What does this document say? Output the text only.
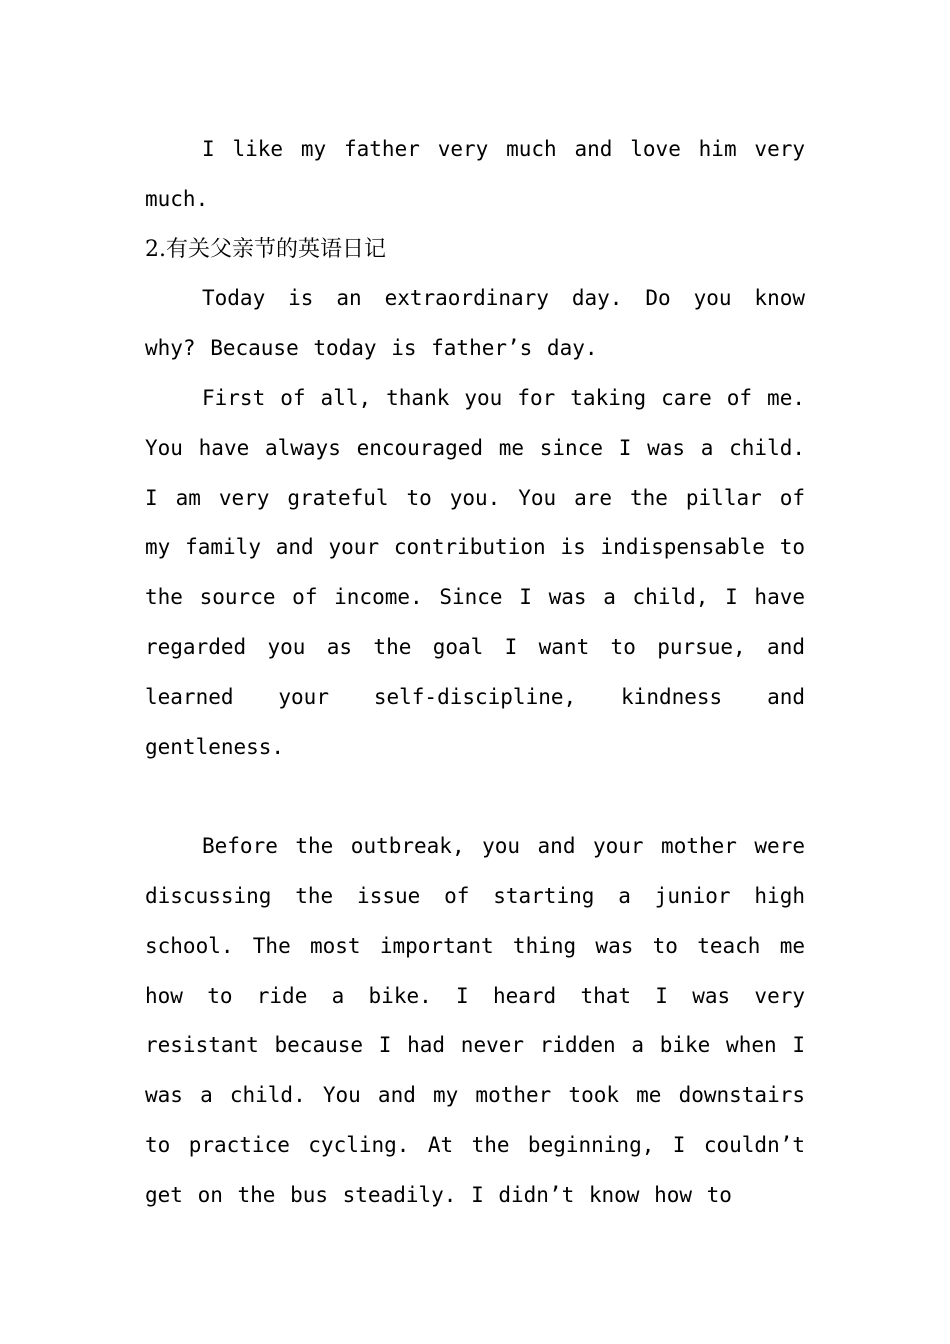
I like my father very much and love him very much.

2.有关父亲节的英语日记

Today is an extraordinary day. Do you know why? Because today is father’s day.

First of all, thank you for taking care of me. You have always encouraged me since I was a child. I am very grateful to you. You are the pillar of my family and your contribution is indispensable to the source of income. Since I was a child, I have regarded you as the goal I want to pursue, and learned your self-discipline, kindness and gentleness.

Before the outbreak, you and your mother were discussing the issue of starting a junior high school. The most important thing was to teach me how to ride a bike. I heard that I was very resistant because I had never ridden a bike when I was a child. You and my mother took me downstairs to practice cycling. At the beginning, I couldn’t get on the bus steadily. I didn’t know how to
